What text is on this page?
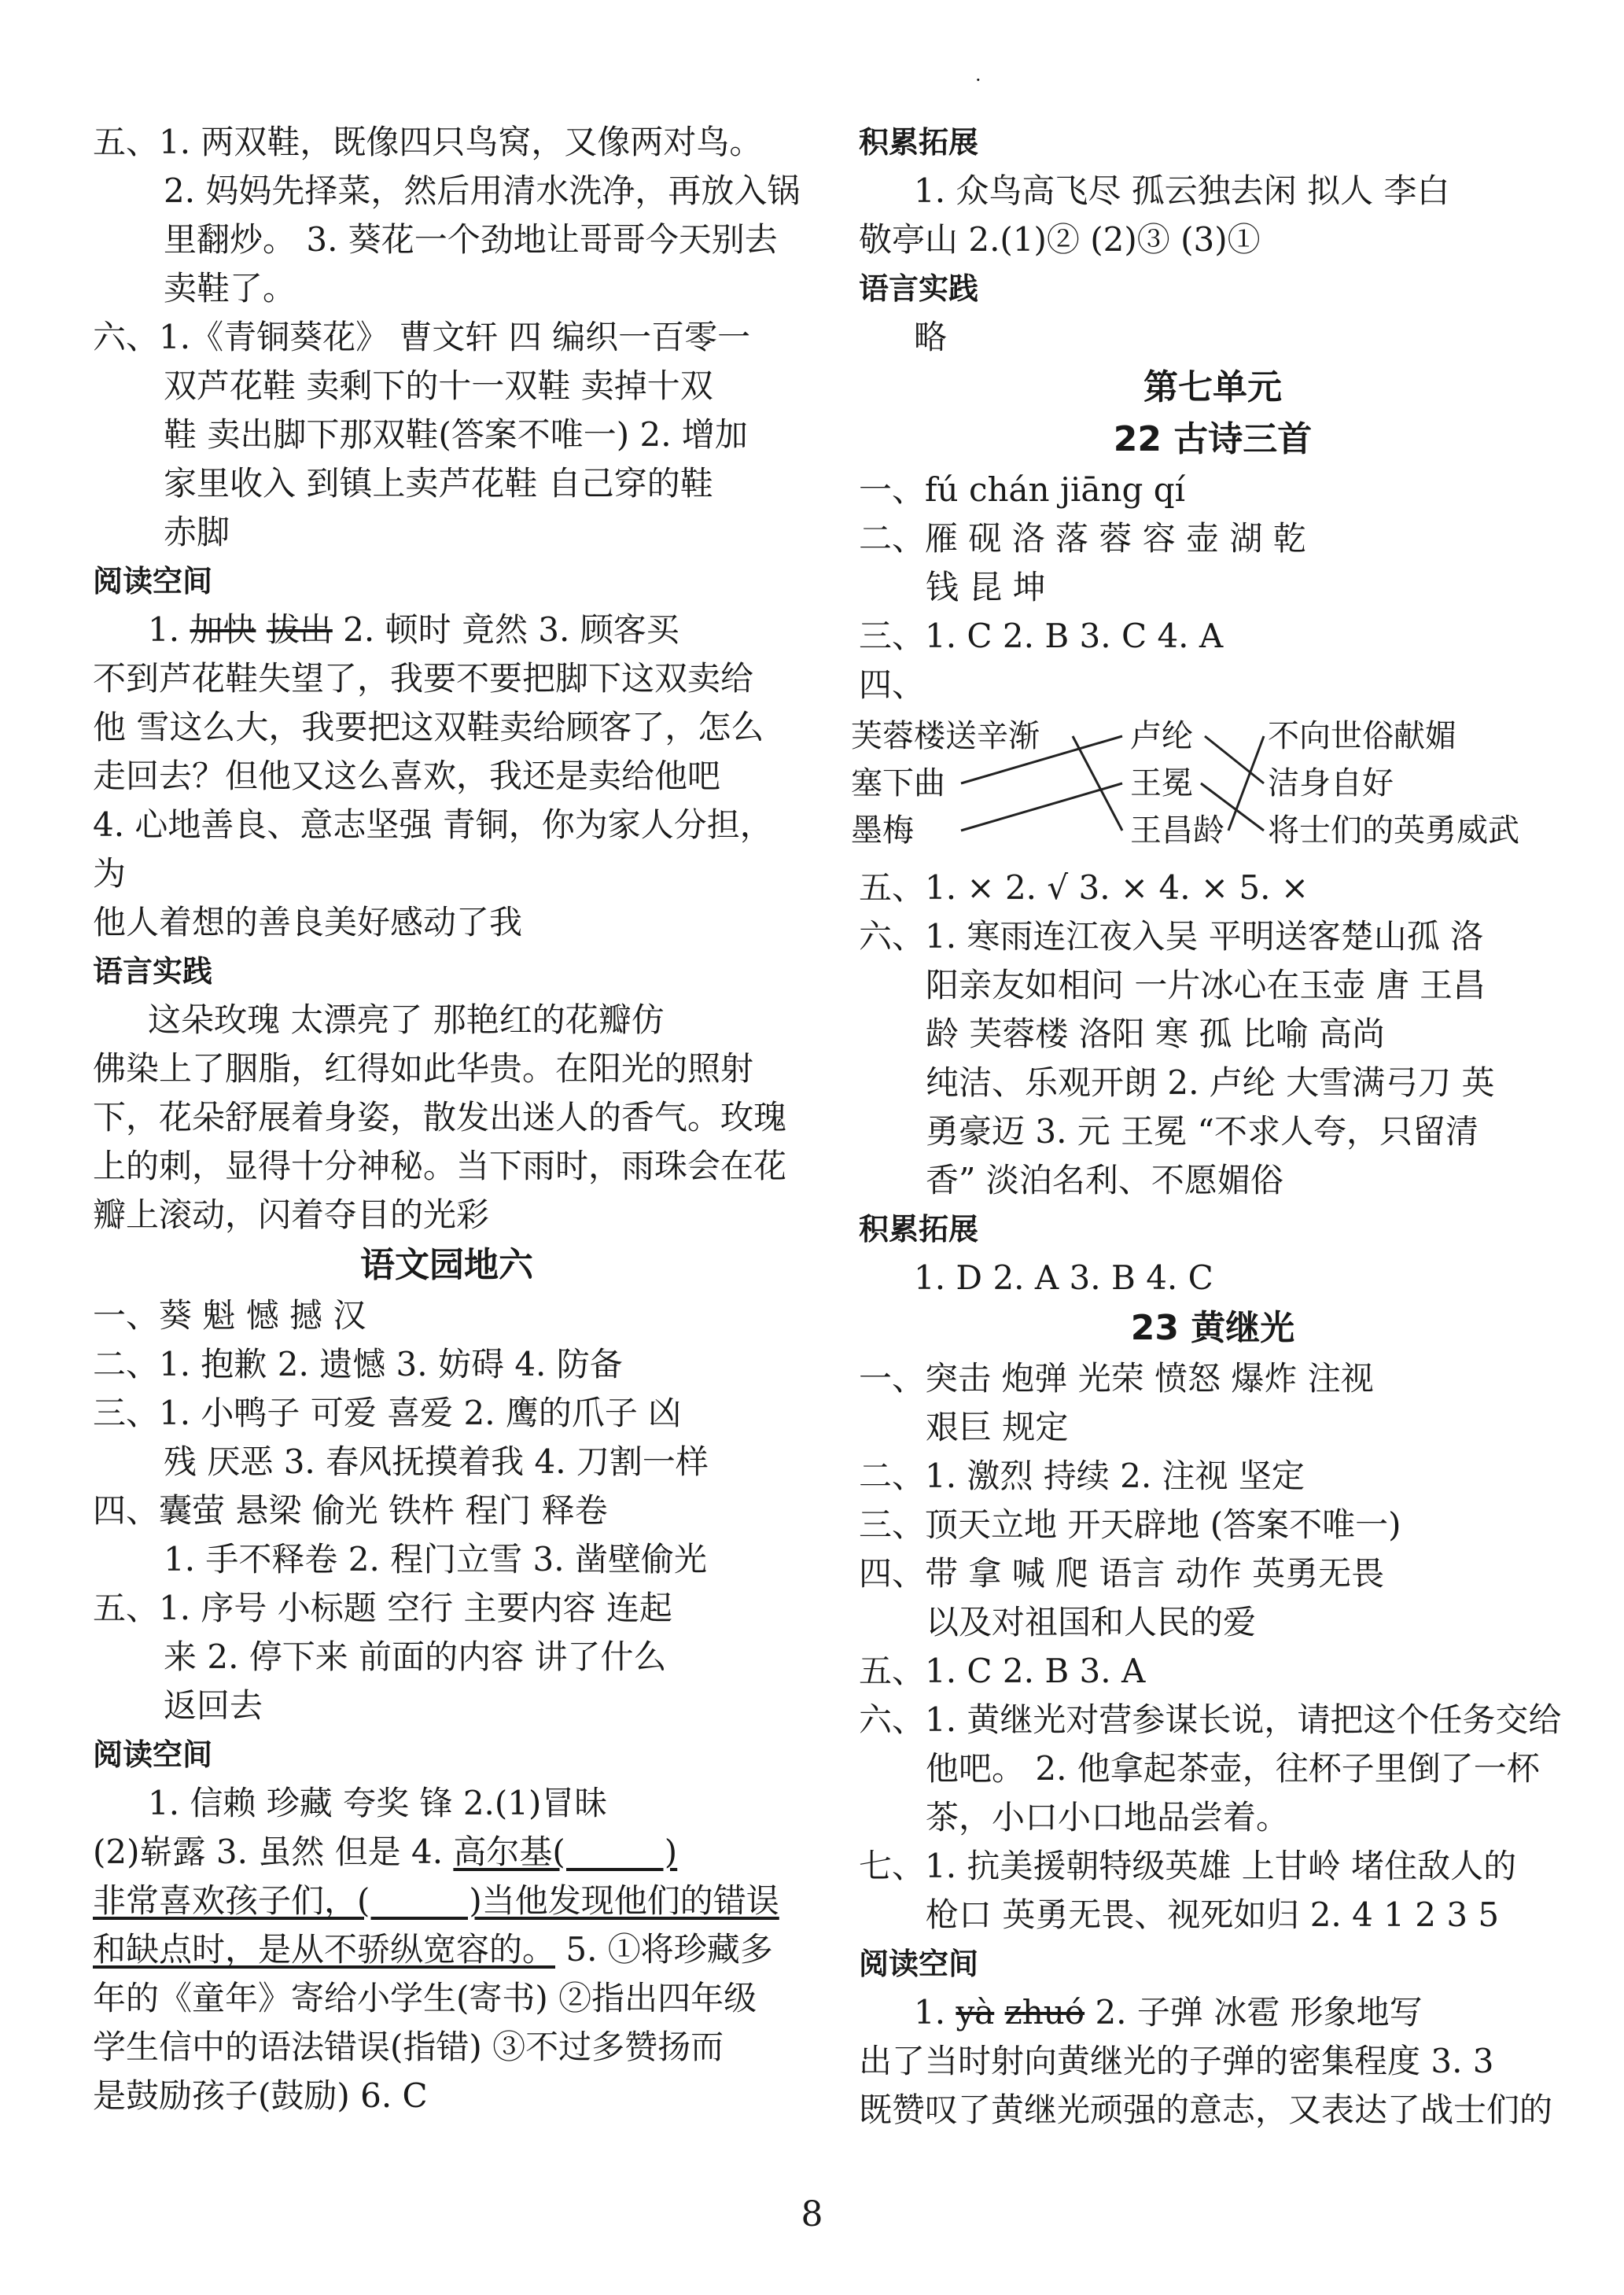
·

五、1. 两双鞋，既像四只鸟窝，又像两对鸟。

2. 妈妈先择菜，然后用清水洗净，再放入锅

里翻炒。 3. 葵花一个劲地让哥哥今天别去

卖鞋了。

六、1.《青铜葵花》 曹文轩 四 编织一百零一

双芦花鞋 卖剩下的十一双鞋 卖掉十双

鞋 卖出脚下那双鞋(答案不唯一) 2. 增加

家里收入 到镇上卖芦花鞋 自己穿的鞋

赤脚

阅读空间

1. 加快 拔出 2. 顿时 竟然 3. 顾客买

不到芦花鞋失望了，我要不要把脚下这双卖给

他 雪这么大，我要把这双鞋卖给顾客了，怎么

走回去？但他又这么喜欢，我还是卖给他吧

4. 心地善良、意志坚强 青铜，你为家人分担，为

他人着想的善良美好感动了我

语言实践

这朵玫瑰 太漂亮了 那艳红的花瓣仿

佛染上了胭脂，红得如此华贵。在阳光的照射

下，花朵舒展着身姿，散发出迷人的香气。玫瑰

上的刺，显得十分神秘。当下雨时，雨珠会在花

瓣上滚动，闪着夺目的光彩

语文园地六

一、葵 魁 憾 撼 汉

二、1. 抱歉 2. 遗憾 3. 妨碍 4. 防备

三、1. 小鸭子 可爱 喜爱 2. 鹰的爪子 凶

残 厌恶 3. 春风抚摸着我 4. 刀割一样

四、囊萤 悬梁 偷光 铁杵 程门 释卷

1. 手不释卷 2. 程门立雪 3. 凿壁偷光

五、1. 序号 小标题 空行 主要内容 连起

来 2. 停下来 前面的内容 讲了什么

返回去

阅读空间

1. 信赖 珍藏 夸奖 锋 2.(1)冒昧

(2)崭露 3. 虽然 但是 4. 高尔基(　　　)

非常喜欢孩子们，(　　　)当他发现他们的错误

和缺点时，是从不骄纵宽容的。 5. ①将珍藏多

年的《童年》寄给小学生(寄书) ②指出四年级

学生信中的语法错误(指错) ③不过多赞扬而

是鼓励孩子(鼓励) 6. C

积累拓展

1. 众鸟高飞尽 孤云独去闲 拟人 李白

敬亭山 2.(1)② (2)③ (3)①

语言实践

略

第七单元

22 古诗三首

一、fú chán jiāng qí

二、雁 砚 洛 落 蓉 容 壶 湖 乾

钱 昆 坤

三、1. C 2. B 3. C 4. A

四、

芙蓉楼送辛渐
塞下曲
墨梅
卢纶
王冕
王昌龄
不向世俗献媚
洁身自好
将士们的英勇威武

五、1. × 2. √ 3. × 4. × 5. ×

六、1. 寒雨连江夜入吴 平明送客楚山孤 洛

阳亲友如相问 一片冰心在玉壶 唐 王昌

龄 芙蓉楼 洛阳 寒 孤 比喻 高尚

纯洁、乐观开朗 2. 卢纶 大雪满弓刀 英

勇豪迈 3. 元 王冕 “不求人夸，只留清

香” 淡泊名利、不愿媚俗

积累拓展

1. D 2. A 3. B 4. C

23 黄继光

一、突击 炮弹 光荣 愤怒 爆炸 注视

艰巨 规定

二、1. 激烈 持续 2. 注视 坚定

三、顶天立地 开天辟地 (答案不唯一)

四、带 拿 喊 爬 语言 动作 英勇无畏

以及对祖国和人民的爱

五、1. C 2. B 3. A

六、1. 黄继光对营参谋长说，请把这个任务交给

他吧。 2. 他拿起茶壶，往杯子里倒了一杯

茶，小口小口地品尝着。

七、1. 抗美援朝特级英雄 上甘岭 堵住敌人的

枪口 英勇无畏、视死如归 2. 4 1 2 3 5

阅读空间

1. yà zhuó 2. 子弹 冰雹 形象地写

出了当时射向黄继光的子弹的密集程度 3. 3

既赞叹了黄继光顽强的意志，又表达了战士们的

8
